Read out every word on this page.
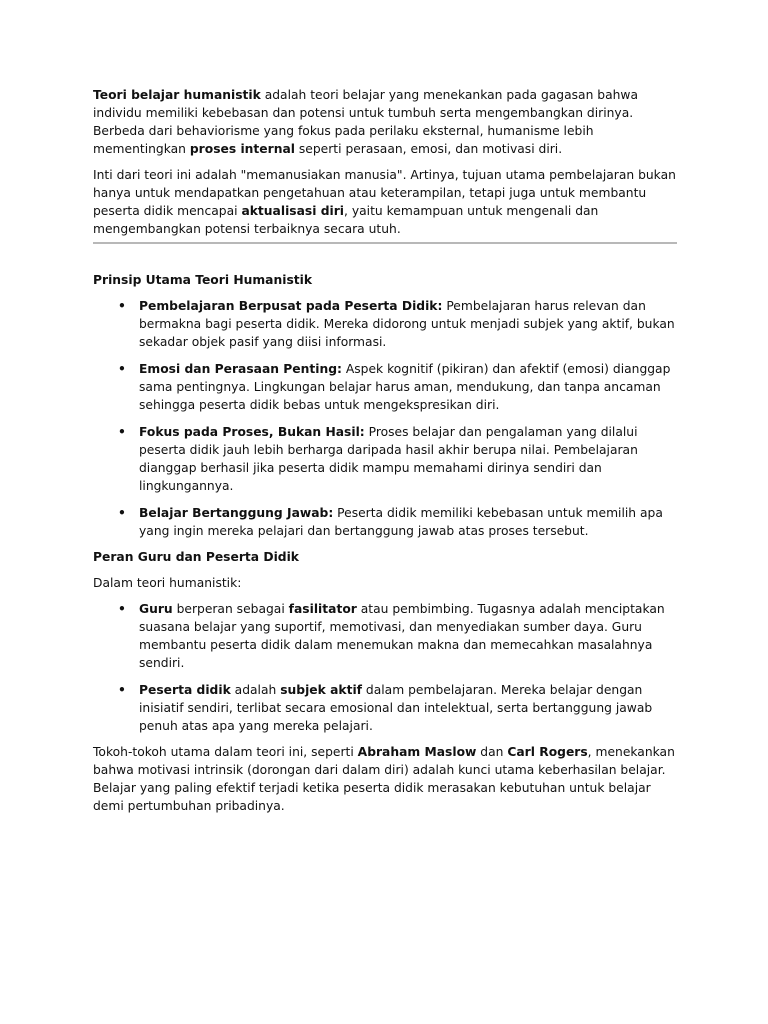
Teori belajar humanistik adalah teori belajar yang menekankan pada gagasan bahwa individu memiliki kebebasan dan potensi untuk tumbuh serta mengembangkan dirinya. Berbeda dari behaviorisme yang fokus pada perilaku eksternal, humanisme lebih mementingkan proses internal seperti perasaan, emosi, dan motivasi diri.

Inti dari teori ini adalah "memanusiakan manusia". Artinya, tujuan utama pembelajaran bukan hanya untuk mendapatkan pengetahuan atau keterampilan, tetapi juga untuk membantu peserta didik mencapai aktualisasi diri, yaitu kemampuan untuk mengenali dan mengembangkan potensi terbaiknya secara utuh.

Prinsip Utama Teori Humanistik

• Pembelajaran Berpusat pada Peserta Didik: Pembelajaran harus relevan dan bermakna bagi peserta didik. Mereka didorong untuk menjadi subjek yang aktif, bukan sekadar objek pasif yang diisi informasi.
• Emosi dan Perasaan Penting: Aspek kognitif (pikiran) dan afektif (emosi) dianggap sama pentingnya. Lingkungan belajar harus aman, mendukung, dan tanpa ancaman sehingga peserta didik bebas untuk mengekspresikan diri.
• Fokus pada Proses, Bukan Hasil: Proses belajar dan pengalaman yang dilalui peserta didik jauh lebih berharga daripada hasil akhir berupa nilai. Pembelajaran dianggap berhasil jika peserta didik mampu memahami dirinya sendiri dan lingkungannya.
• Belajar Bertanggung Jawab: Peserta didik memiliki kebebasan untuk memilih apa yang ingin mereka pelajari dan bertanggung jawab atas proses tersebut.

Peran Guru dan Peserta Didik

Dalam teori humanistik:

• Guru berperan sebagai fasilitator atau pembimbing. Tugasnya adalah menciptakan suasana belajar yang suportif, memotivasi, dan menyediakan sumber daya. Guru membantu peserta didik dalam menemukan makna dan memecahkan masalahnya sendiri.
• Peserta didik adalah subjek aktif dalam pembelajaran. Mereka belajar dengan inisiatif sendiri, terlibat secara emosional dan intelektual, serta bertanggung jawab penuh atas apa yang mereka pelajari.

Tokoh-tokoh utama dalam teori ini, seperti Abraham Maslow dan Carl Rogers, menekankan bahwa motivasi intrinsik (dorongan dari dalam diri) adalah kunci utama keberhasilan belajar. Belajar yang paling efektif terjadi ketika peserta didik merasakan kebutuhan untuk belajar demi pertumbuhan pribadinya.
